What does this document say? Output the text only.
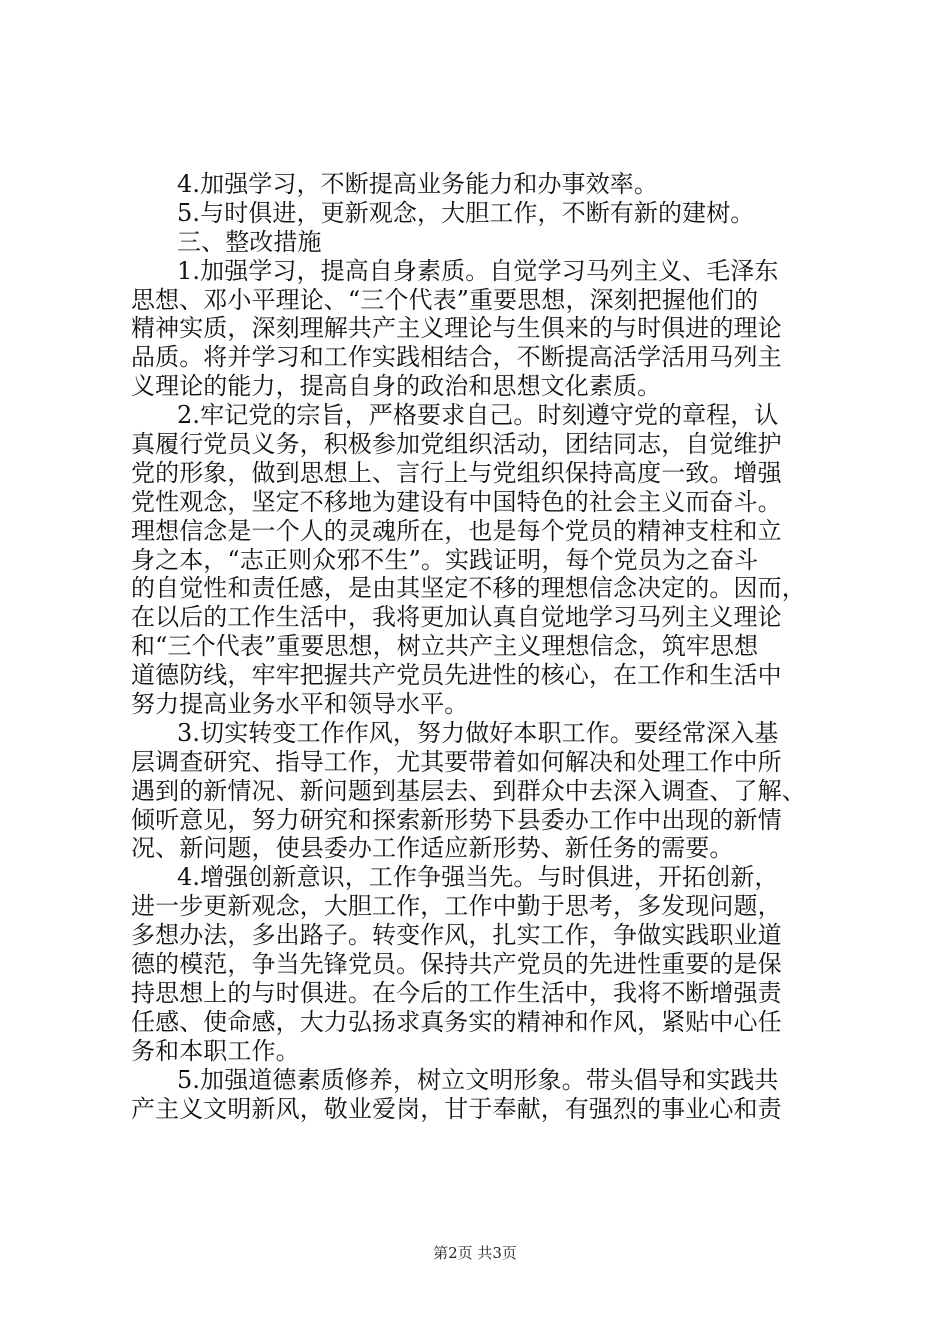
4.加强学习，不断提高业务能力和办事效率。
5.与时俱进，更新观念，大胆工作，不断有新的建树。
三、整改措施
1.加强学习，提高自身素质。自觉学习马列主义、毛泽东
思想、邓小平理论、“三个代表”重要思想，深刻把握他们的
精神实质，深刻理解共产主义理论与生俱来的与时俱进的理论
品质。将并学习和工作实践相结合，不断提高活学活用马列主
义理论的能力，提高自身的政治和思想文化素质。
2.牢记党的宗旨，严格要求自己。时刻遵守党的章程，认
真履行党员义务，积极参加党组织活动，团结同志，自觉维护
党的形象，做到思想上、言行上与党组织保持高度一致。增强
党性观念，坚定不移地为建设有中国特色的社会主义而奋斗。
理想信念是一个人的灵魂所在，也是每个党员的精神支柱和立
身之本，“志正则众邪不生”。实践证明，每个党员为之奋斗
的自觉性和责任感，是由其坚定不移的理想信念决定的。因而，
在以后的工作生活中，我将更加认真自觉地学习马列主义理论
和“三个代表”重要思想，树立共产主义理想信念，筑牢思想
道德防线，牢牢把握共产党员先进性的核心，在工作和生活中
努力提高业务水平和领导水平。
3.切实转变工作作风，努力做好本职工作。要经常深入基
层调查研究、指导工作，尤其要带着如何解决和处理工作中所
遇到的新情况、新问题到基层去、到群众中去深入调查、了解、
倾听意见，努力研究和探索新形势下县委办工作中出现的新情
况、新问题，使县委办工作适应新形势、新任务的需要。
4.增强创新意识，工作争强当先。与时俱进，开拓创新，
进一步更新观念，大胆工作，工作中勤于思考，多发现问题，
多想办法，多出路子。转变作风，扎实工作，争做实践职业道
德的模范，争当先锋党员。保持共产党员的先进性重要的是保
持思想上的与时俱进。在今后的工作生活中，我将不断增强责
任感、使命感，大力弘扬求真务实的精神和作风，紧贴中心任
务和本职工作。
5.加强道德素质修养，树立文明形象。带头倡导和实践共
产主义文明新风，敬业爱岗，甘于奉献，有强烈的事业心和责
第2页 共3页
